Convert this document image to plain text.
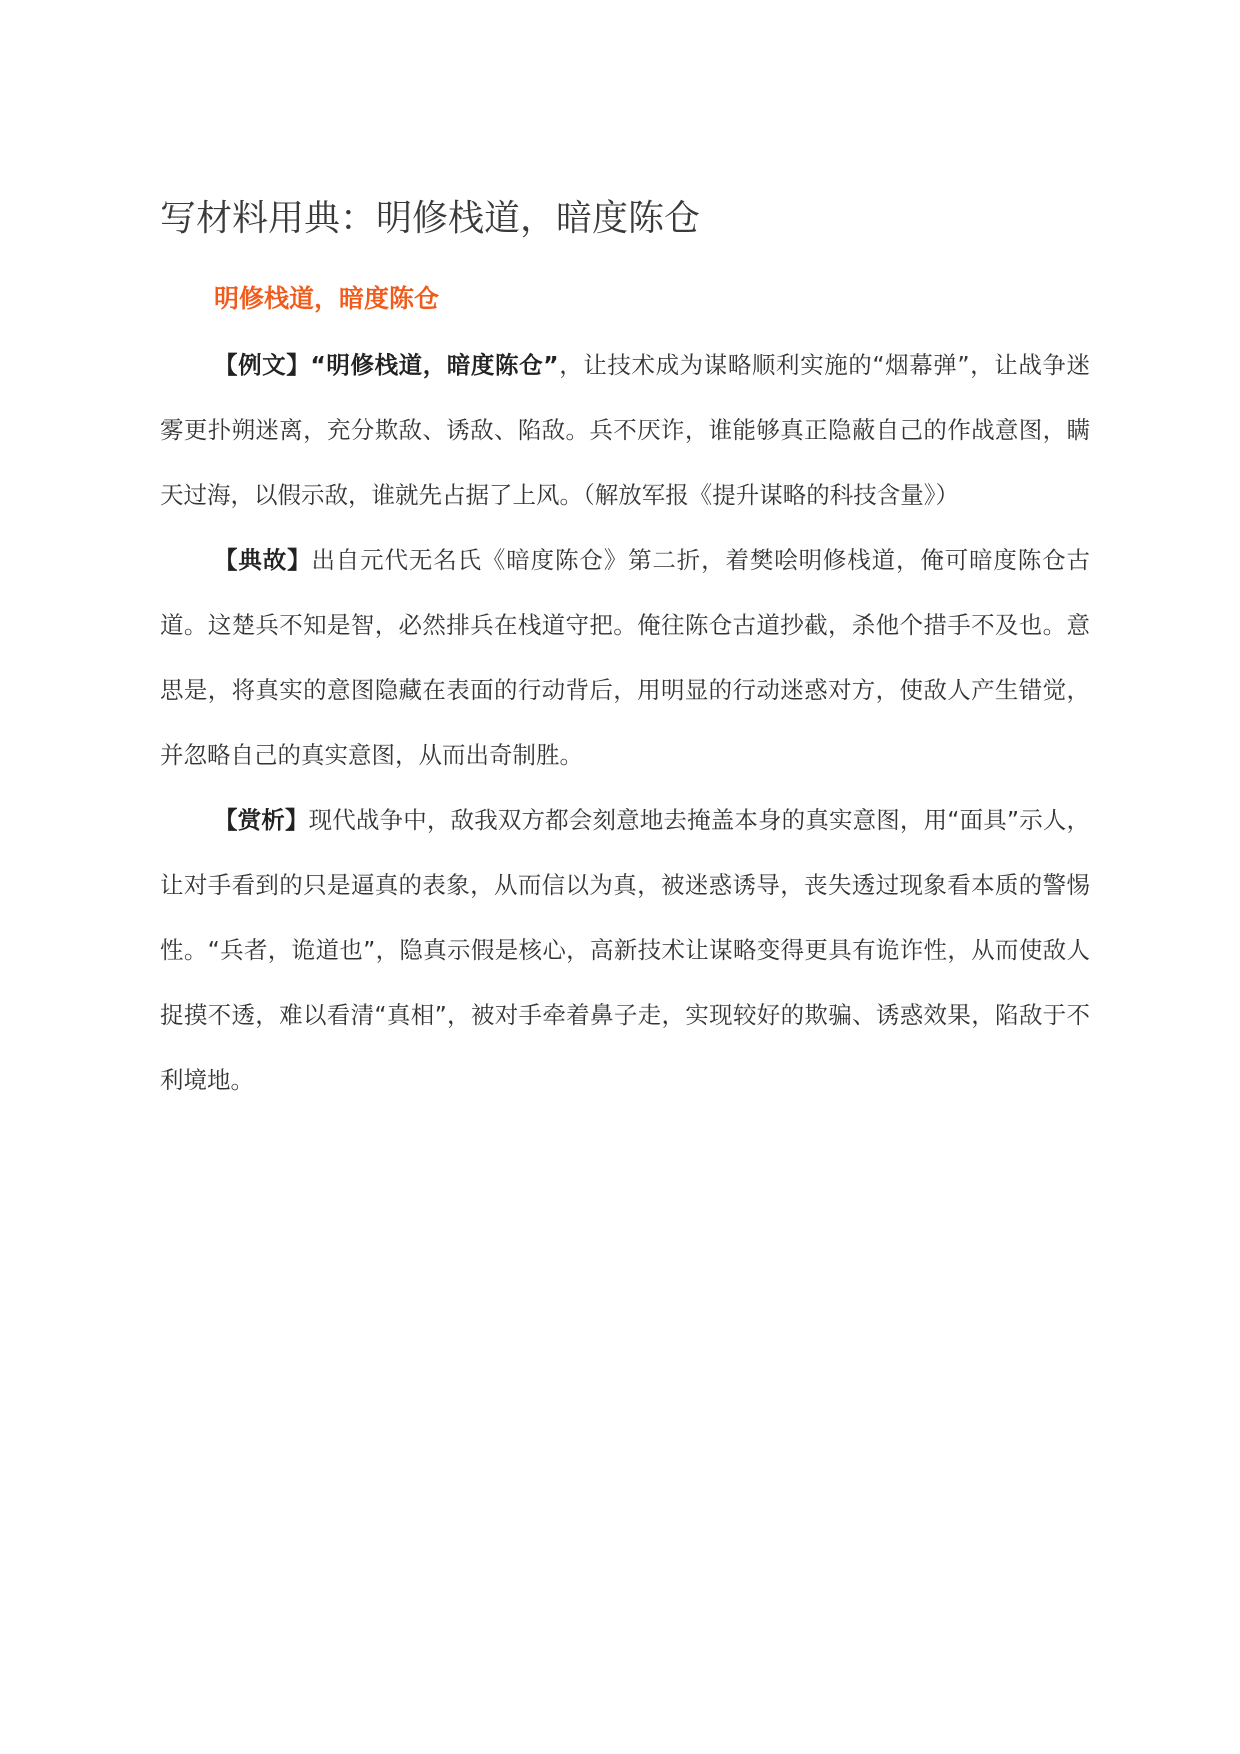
写材料用典：明修栈道，暗度陈仓
明修栈道，暗度陈仓

【例文】“明修栈道，暗度陈仓”，让技术成为谋略顺利实施的“烟幕弹”，让战争迷雾更扑朔迷离，充分欺敌、诱敌、陷敌。兵不厌诈，谁能够真正隐蔽自己的作战意图，瞒天过海，以假示敌，谁就先占据了上风。（解放军报《提升谋略的科技含量》）

【典故】出自元代无名氏《暗度陈仓》第二折，着樊哙明修栈道，俺可暗度陈仓古道。这楚兵不知是智，必然排兵在栈道守把。俺往陈仓古道抄截，杀他个措手不及也。意思是，将真实的意图隐藏在表面的行动背后，用明显的行动迷惑对方，使敌人产生错觉，并忽略自己的真实意图，从而出奇制胜。

【赏析】现代战争中，敌我双方都会刻意地去掩盖本身的真实意图，用“面具”示人，让对手看到的只是逼真的表象，从而信以为真，被迷惑诱导，丧失透过现象看本质的警惕性。“兵者，诡道也”，隐真示假是核心，高新技术让谋略变得更具有诡诈性，从而使敌人捉摸不透，难以看清“真相”，被对手牵着鼻子走，实现较好的欺骗、诱惑效果，陷敌于不利境地。
